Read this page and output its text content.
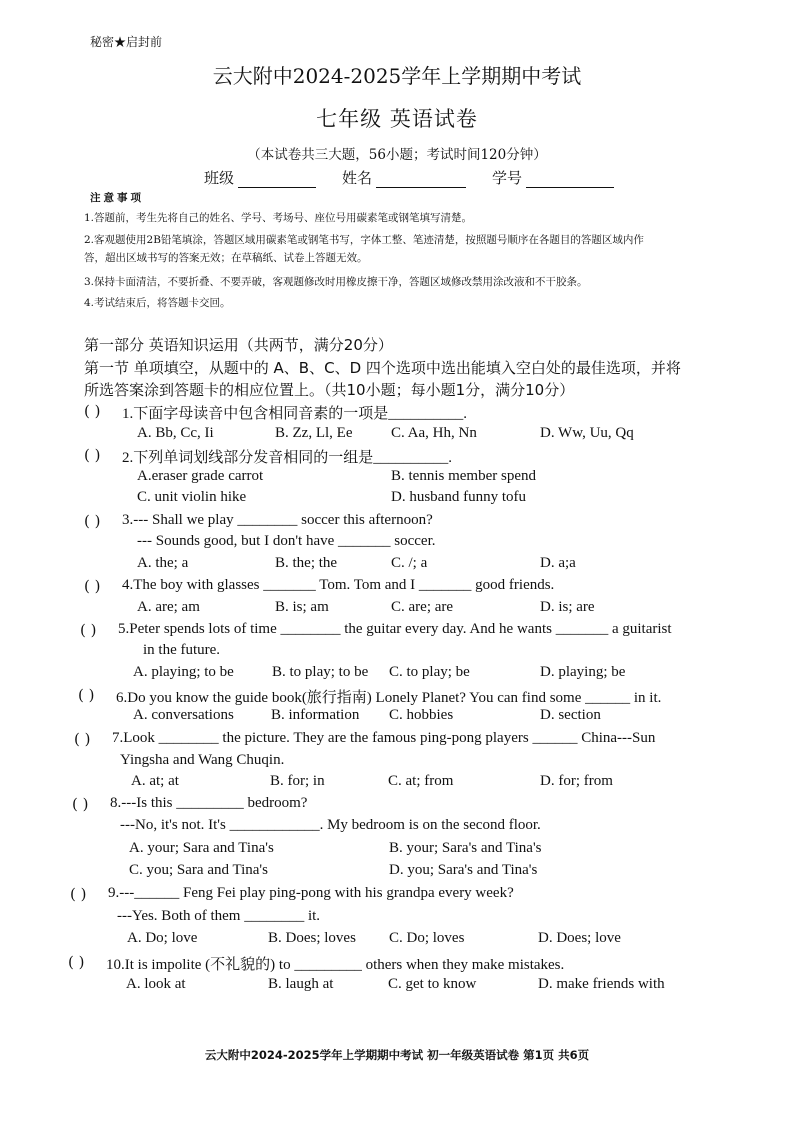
秘密★启封前
云大附中2024-2025学年上学期期中考试
七年级 英语试卷
（本试卷共三大题，56小题；考试时间120分钟）
班级	姓名	学号
注意事项
1.答题前，考生先将自己的姓名、学号、考场号、座位号用碳素笔或钢笔填写清楚。
2.客观题使用2B铅笔填涂，答题区域用碳素笔或钢笔书写，字体工整、笔迹清楚，按照题号顺序在各题目的答题区域内作
答，超出区域书写的答案无效；在草稿纸、试卷上答题无效。
3.保持卡面清洁，不要折叠、不要弄破，客观题修改时用橡皮擦干净，答题区域修改禁用涂改液和不干胶条。
4.考试结束后，将答题卡交回。
第一部分 英语知识运用（共两节，满分20分）
第一节 单项填空，从题中的 A、B、C、D 四个选项中选出能填入空白处的最佳选项，并将
所选答案涂到答题卡的相应位置上。（共10小题；每小题1分，满分10分）
( ) 1.下面字母读音中包含相同音素的一项是__________.
A. Bb, Cc, Ii	B. Zz, Ll, Ee	C. Aa, Hh, Nn	D. Ww, Uu, Qq
( ) 2.下列单词划线部分发音相同的一组是__________.
A.eraser grade carrot	B. tennis member spend
C. unit violin hike	D. husband funny tofu
( ) 3.--- Shall we play ________ soccer this afternoon?
--- Sounds good, but I don't have _______ soccer.
A. the; a	B. the; the	C. /; a	D. a;a
( ) 4.The boy with glasses _______ Tom. Tom and I _______ good friends.
A. are; am	B. is; am	C. are; are	D. is; are
( ) 5.Peter spends lots of time ________ the guitar every day. And he wants _______ a guitarist
in the future.
A. playing; to be	B. to play; to be C. to play; be	D. playing; be
( ) 6.Do you know the guide book(旅行指南) Lonely Planet? You can find some ______ in it.
A. conversations B. information C. hobbies	D. section
( ) 7.Look ________ the picture. They are the famous ping-pong players ______ China---Sun
Yingsha and Wang Chuqin.
A. at; at	B. for; in	C. at; from	D. for; from
( ) 8.---Is this _________ bedroom?
---No, it's not. It's ____________. My bedroom is on the second floor.
A. your; Sara and Tina's	B. your; Sara's and Tina's
C. you; Sara and Tina's	D. you; Sara's and Tina's
( ) 9.---______ Feng Fei play ping-pong with his grandpa every week?
---Yes. Both of them ________ it.
A. Do; love	B. Does; loves C. Do; loves	D. Does; love
( ) 10.It is impolite (不礼貌的) to _________ others when they make mistakes.
A. look at	B. laugh at	C. get to know	D. make friends with
云大附中2024-2025学年上学期期中考试 初一年级英语试卷 第1页 共6页
